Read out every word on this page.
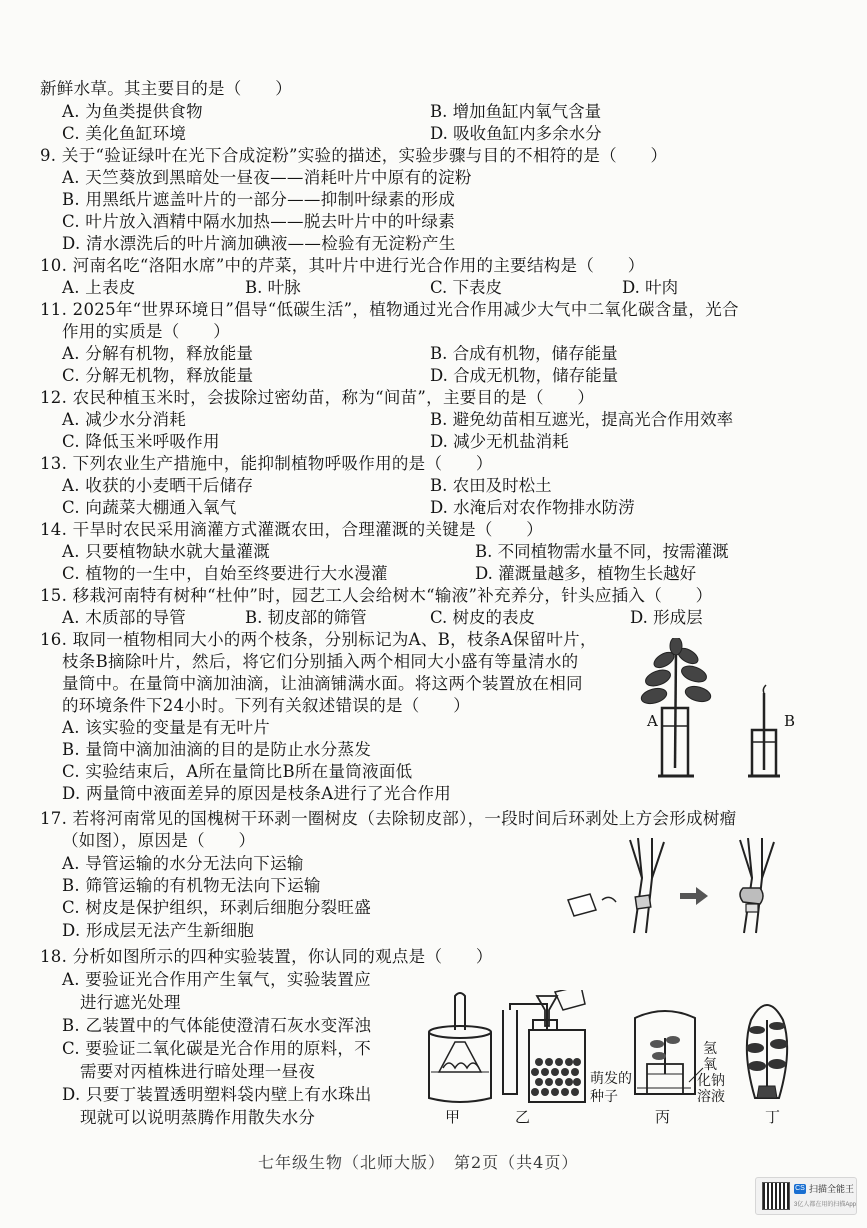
新鲜水草。其主要目的是（　　）
A. 为鱼类提供食物	B. 增加鱼缸内氧气含量
C. 美化鱼缸环境	D. 吸收鱼缸内多余水分
9. 关于“验证绿叶在光下合成淀粉”实验的描述，实验步骤与目的不相符的是（　　）
A. 天竺葵放到黑暗处一昼夜——消耗叶片中原有的淀粉
B. 用黑纸片遮盖叶片的一部分——抑制叶绿素的形成
C. 叶片放入酒精中隔水加热——脱去叶片中的叶绿素
D. 清水漂洗后的叶片滴加碘液——检验有无淀粉产生
10. 河南名吃“洛阳水席”中的芹菜，其叶片中进行光合作用的主要结构是（　　）
A. 上表皮	B. 叶脉	C. 下表皮	D. 叶肉
11. 2025年“世界环境日”倡导“低碳生活”，植物通过光合作用减少大气中二氧化碳含量，光合
作用的实质是（　　）
A. 分解有机物，释放能量	B. 合成有机物，储存能量
C. 分解无机物，释放能量	D. 合成无机物，储存能量
12. 农民种植玉米时，会拔除过密幼苗，称为“间苗”，主要目的是（　　）
A. 减少水分消耗	B. 避免幼苗相互遮光，提高光合作用效率
C. 降低玉米呼吸作用	D. 减少无机盐消耗
13. 下列农业生产措施中，能抑制植物呼吸作用的是（　　）
A. 收获的小麦晒干后储存	B. 农田及时松土
C. 向蔬菜大棚通入氧气	D. 水淹后对农作物排水防涝
14. 干旱时农民采用滴灌方式灌溉农田，合理灌溉的关键是（　　）
A. 只要植物缺水就大量灌溉	B. 不同植物需水量不同，按需灌溉
C. 植物的一生中，自始至终要进行大水漫灌	D. 灌溉量越多，植物生长越好
15. 移栽河南特有树种“杜仲”时，园艺工人会给树木“输液”补充养分，针头应插入（　　）
A. 木质部的导管	B. 韧皮部的筛管	C. 树皮的表皮	D. 形成层
16. 取同一植物相同大小的两个枝条，分别标记为A、B，枝条A保留叶片，
枝条B摘除叶片，然后，将它们分别插入两个相同大小盛有等量清水的
量筒中。在量筒中滴加油滴，让油滴铺满水面。将这两个装置放在相同
的环境条件下24小时。下列有关叙述错误的是（　　）
A. 该实验的变量是有无叶片
B. 量筒中滴加油滴的目的是防止水分蒸发
C. 实验结束后，A所在量筒比B所在量筒液面低
D. 两量筒中液面差异的原因是枝条A进行了光合作用
A	B
17. 若将河南常见的国槐树干环剥一圈树皮（去除韧皮部），一段时间后环剥处上方会形成树瘤
（如图），原因是（　　）
A. 导管运输的水分无法向下运输
B. 筛管运输的有机物无法向下运输
C. 树皮是保护组织，环剥后细胞分裂旺盛
D. 形成层无法产生新细胞
18. 分析如图所示的四种实验装置，你认同的观点是（　　）
A. 要验证光合作用产生氧气，实验装置应
进行遮光处理
B. 乙装置中的气体能使澄清石灰水变浑浊
C. 要验证二氧化碳是光合作用的原料，不
需要对丙植株进行暗处理一昼夜
D. 只要丁装置透明塑料袋内壁上有水珠出
现就可以说明蒸腾作用散失水分	甲	乙	丙	丁
萌发的
种子
氢
氧
化钠
溶液
七年级生物（北师大版）　第2页（共4页）
CS 扫描全能王
3亿人都在用的扫描App
